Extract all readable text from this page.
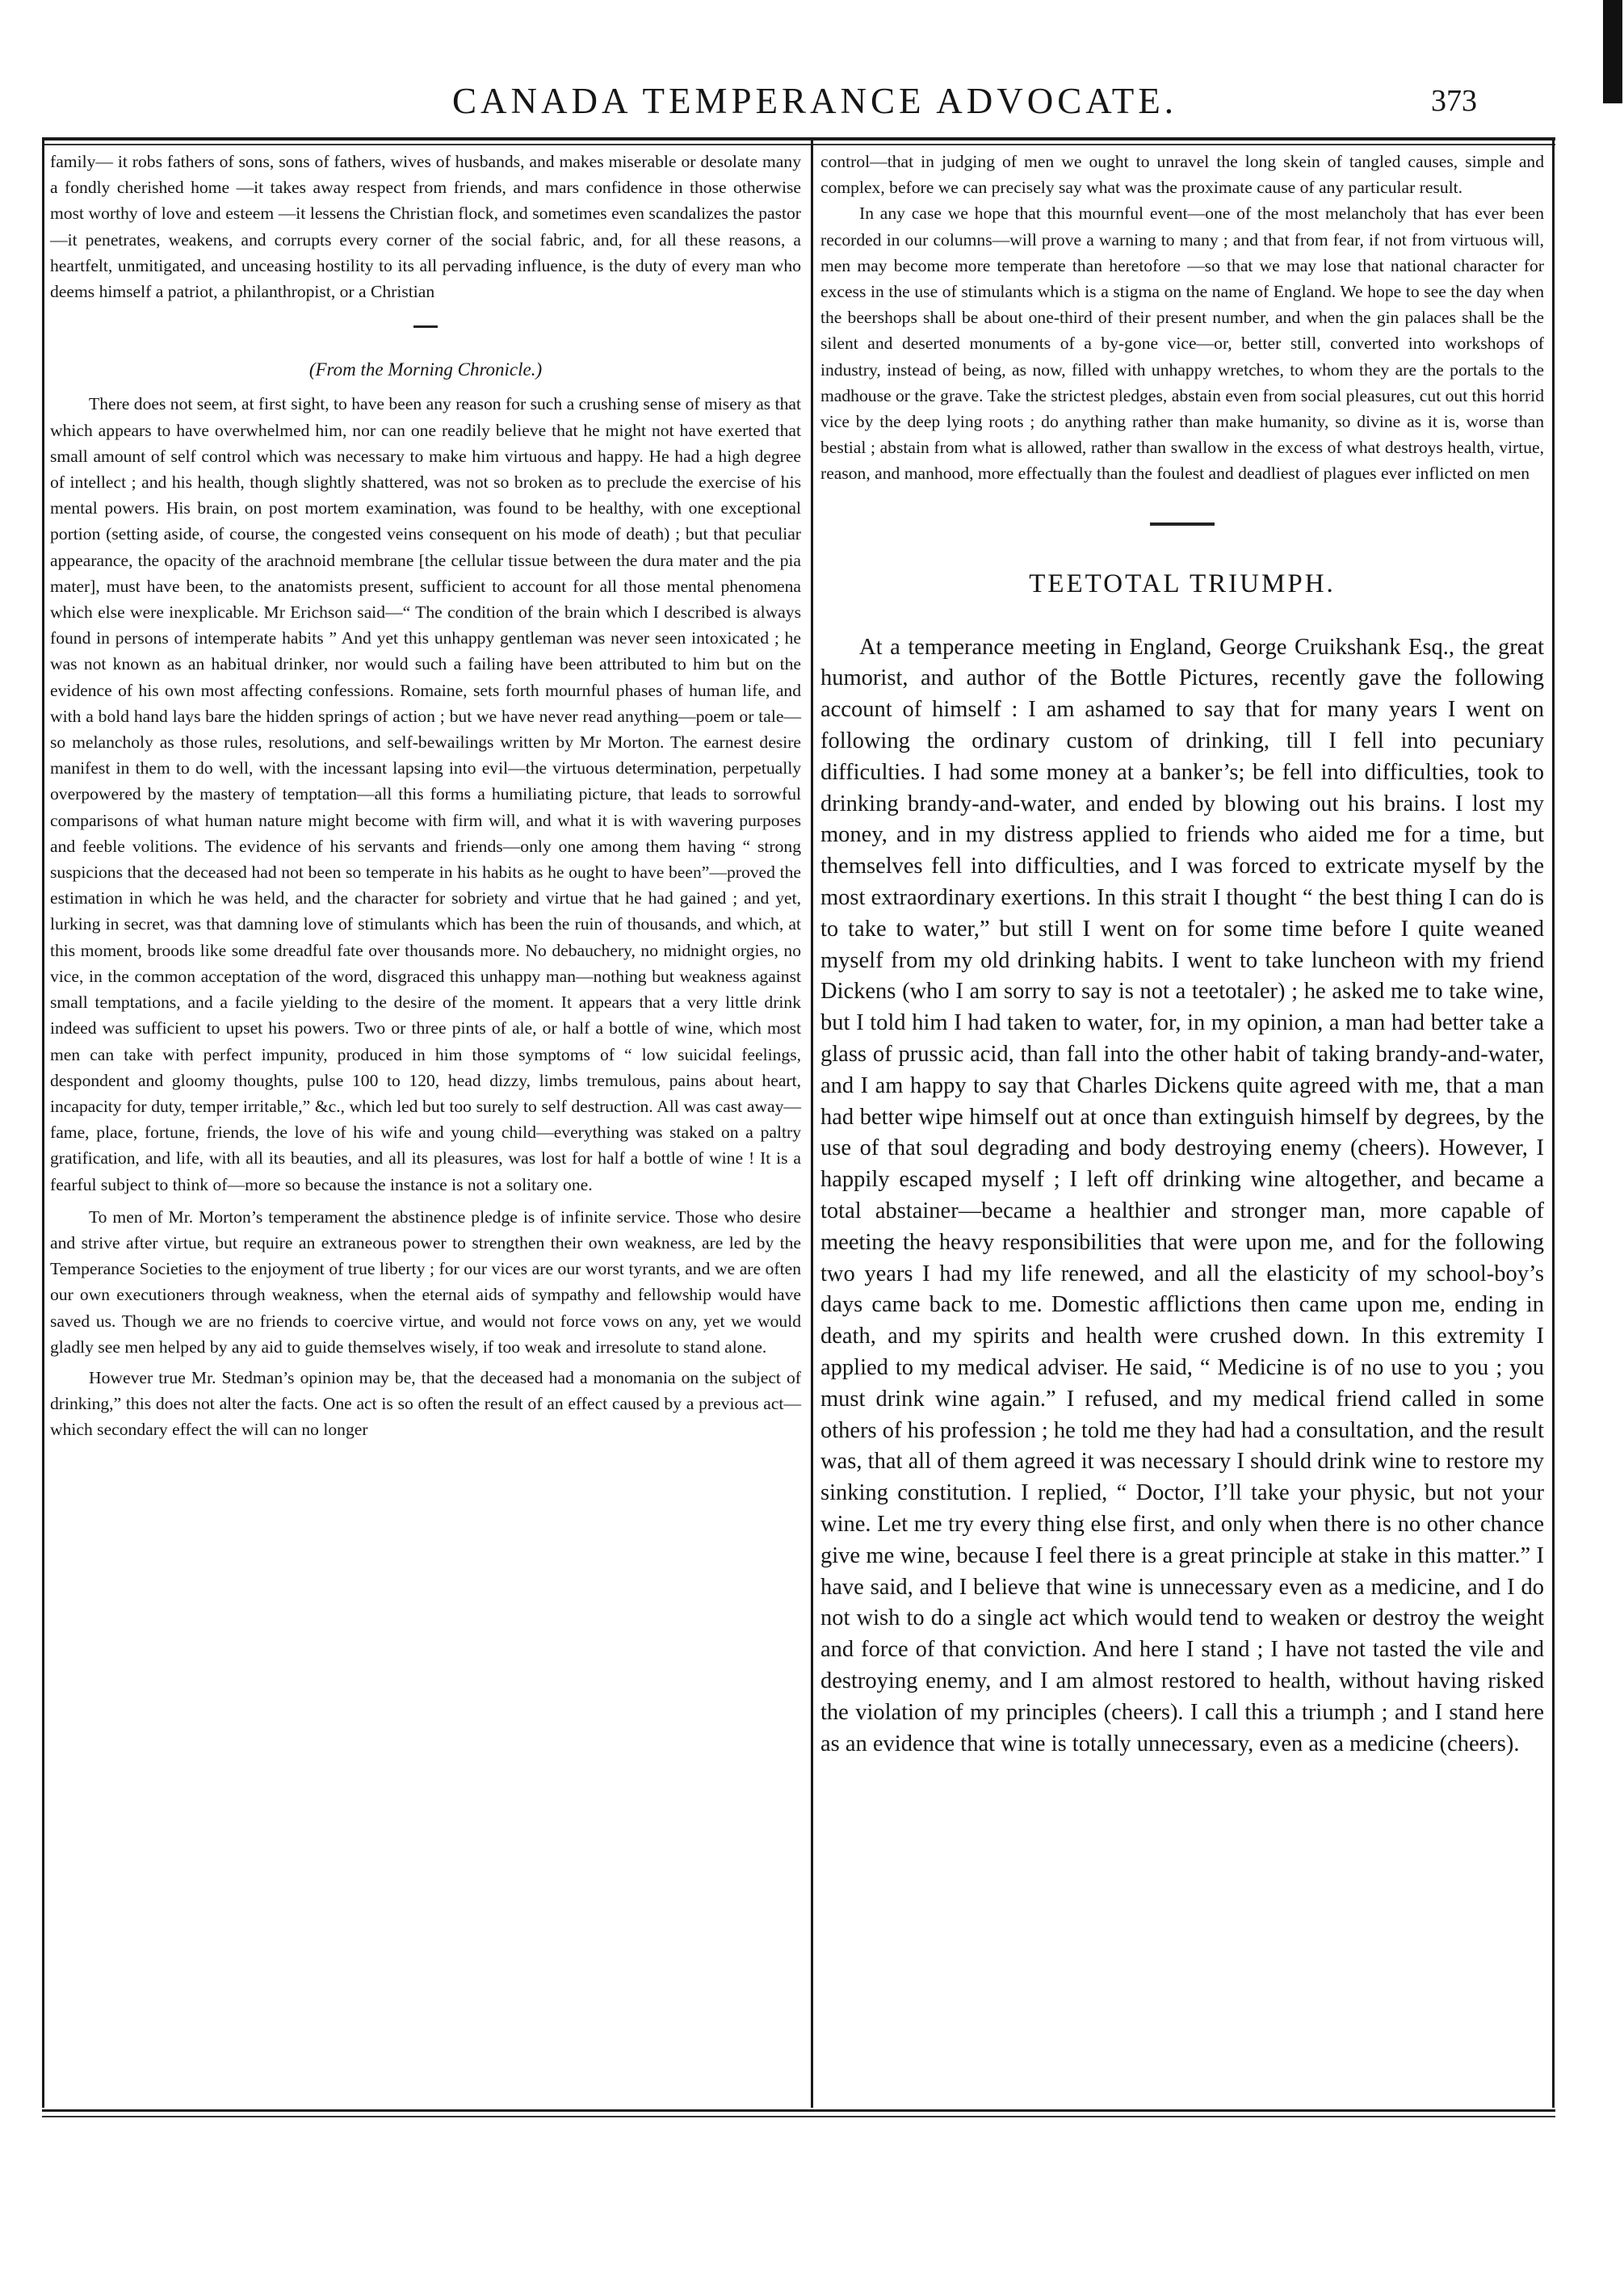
CANADA TEMPERANCE ADVOCATE.	373

family— it robs fathers of sons, sons of fathers, wives of husbands, and makes miserable or desolate many a fondly cherished home —it takes away respect from friends, and mars confidence in those otherwise most worthy of love and esteem —it lessens the Christian flock, and sometimes even scandalizes the pastor—it penetrates, weakens, and corrupts every corner of the social fabric, and, for all these reasons, a heartfelt, unmitigated, and unceasing hostility to its all pervading influence, is the duty of every man who deems himself a patriot, a philanthropist, or a Christian

(From the Morning Chronicle.)

There does not seem, at first sight, to have been any reason for such a crushing sense of misery as that which appears to have overwhelmed him, nor can one readily believe that he might not have exerted that small amount of self control which was necessary to make him virtuous and happy. He had a high degree of intellect ; and his health, though slightly shattered, was not so broken as to preclude the exercise of his mental powers. His brain, on post mortem examination, was found to be healthy, with one exceptional portion (setting aside, of course, the congested veins consequent on his mode of death) ; but that peculiar appearance, the opacity of the arachnoid membrane [the cellular tissue between the dura mater and the pia mater], must have been, to the anatomists present, sufficient to account for all those mental phenomena which else were inexplicable. Mr Erichson said—“ The condition of the brain which I described is always found in persons of intemperate habits ” And yet this unhappy gentleman was never seen intoxicated ; he was not known as an habitual drinker, nor would such a failing have been attributed to him but on the evidence of his own most affecting confessions. Romaine, sets forth mournful phases of human life, and with a bold hand lays bare the hidden springs of action ; but we have never read anything—poem or tale—so melancholy as those rules, resolutions, and self-bewailings written by Mr Morton. The earnest desire manifest in them to do well, with the incessant lapsing into evil—the virtuous determination, perpetually overpowered by the mastery of temptation—all this forms a humiliating picture, that leads to sorrowful comparisons of what human nature might become with firm will, and what it is with wavering purposes and feeble volitions. The evidence of his servants and friends—only one among them having “ strong suspicions that the deceased had not been so temperate in his habits as he ought to have been”—proved the estimation in which he was held, and the character for sobriety and virtue that he had gained ; and yet, lurking in secret, was that damning love of stimulants which has been the ruin of thousands, and which, at this moment, broods like some dreadful fate over thousands more. No debauchery, no midnight orgies, no vice, in the common acceptation of the word, disgraced this unhappy man—nothing but weakness against small temptations, and a facile yielding to the desire of the moment. It appears that a very little drink indeed was sufficient to upset his powers. Two or three pints of ale, or half a bottle of wine, which most men can take with perfect impunity, produced in him those symptoms of “ low suicidal feelings, despondent and gloomy thoughts, pulse 100 to 120, head dizzy, limbs tremulous, pains about heart, incapacity for duty, temper irritable,” &c., which led but too surely to self destruction. All was cast away—fame, place, fortune, friends, the love of his wife and young child—everything was staked on a paltry gratification, and life, with all its beauties, and all its pleasures, was lost for half a bottle of wine ! It is a fearful subject to think of—more so because the instance is not a solitary one.

To men of Mr. Morton’s temperament the abstinence pledge is of infinite service. Those who desire and strive after virtue, but require an extraneous power to strengthen their own weakness, are led by the Temperance Societies to the enjoyment of true liberty ; for our vices are our worst tyrants, and we are often our own executioners through weakness, when the eternal aids of sympathy and fellowship would have saved us. Though we are no friends to coercive virtue, and would not force vows on any, yet we would gladly see men helped by any aid to guide themselves wisely, if too weak and irresolute to stand alone.

However true Mr. Stedman’s opinion may be, that the deceased had a monomania on the subject of drinking,” this does not alter the facts. One act is so often the result of an effect caused by a previous act—which secondary effect the will can no longer

control—that in judging of men we ought to unravel the long skein of tangled causes, simple and complex, before we can precisely say what was the proximate cause of any particular result.

In any case we hope that this mournful event—one of the most melancholy that has ever been recorded in our columns—will prove a warning to many ; and that from fear, if not from virtuous will, men may become more temperate than heretofore —so that we may lose that national character for excess in the use of stimulants which is a stigma on the name of England. We hope to see the day when the beershops shall be about one-third of their present number, and when the gin palaces shall be the silent and deserted monuments of a by-gone vice—or, better still, converted into workshops of industry, instead of being, as now, filled with unhappy wretches, to whom they are the portals to the madhouse or the grave. Take the strictest pledges, abstain even from social pleasures, cut out this horrid vice by the deep lying roots ; do anything rather than make humanity, so divine as it is, worse than bestial ; abstain from what is allowed, rather than swallow in the excess of what destroys health, virtue, reason, and manhood, more effectually than the foulest and deadliest of plagues ever inflicted on men

TEETOTAL TRIUMPH.

At a temperance meeting in England, George Cruikshank Esq., the great humorist, and author of the Bottle Pictures, recently gave the following account of himself : I am ashamed to say that for many years I went on following the ordinary custom of drinking, till I fell into pecuniary difficulties. I had some money at a banker’s; be fell into difficulties, took to drinking brandy-and-water, and ended by blowing out his brains. I lost my money, and in my distress applied to friends who aided me for a time, but themselves fell into difficulties, and I was forced to extricate myself by the most extraordinary exertions. In this strait I thought “ the best thing I can do is to take to water,” but still I went on for some time before I quite weaned myself from my old drinking habits. I went to take luncheon with my friend Dickens (who I am sorry to say is not a teetotaler) ; he asked me to take wine, but I told him I had taken to water, for, in my opinion, a man had better take a glass of prussic acid, than fall into the other habit of taking brandy-and-water, and I am happy to say that Charles Dickens quite agreed with me, that a man had better wipe himself out at once than extinguish himself by degrees, by the use of that soul degrading and body destroying enemy (cheers). However, I happily escaped myself ; I left off drinking wine altogether, and became a total abstainer—became a healthier and stronger man, more capable of meeting the heavy responsibilities that were upon me, and for the following two years I had my life renewed, and all the elasticity of my school-boy’s days came back to me. Domestic afflictions then came upon me, ending in death, and my spirits and health were crushed down. In this extremity I applied to my medical adviser. He said, “ Medicine is of no use to you ; you must drink wine again.” I refused, and my medical friend called in some others of his profession ; he told me they had had a consultation, and the result was, that all of them agreed it was necessary I should drink wine to restore my sinking constitution. I replied, “ Doctor, I’ll take your physic, but not your wine. Let me try every thing else first, and only when there is no other chance give me wine, because I feel there is a great principle at stake in this matter.” I have said, and I believe that wine is unnecessary even as a medicine, and I do not wish to do a single act which would tend to weaken or destroy the weight and force of that conviction. And here I stand ; I have not tasted the vile and destroying enemy, and I am almost restored to health, without having risked the violation of my principles (cheers). I call this a triumph ; and I stand here as an evidence that wine is totally unnecessary, even as a medicine (cheers).
